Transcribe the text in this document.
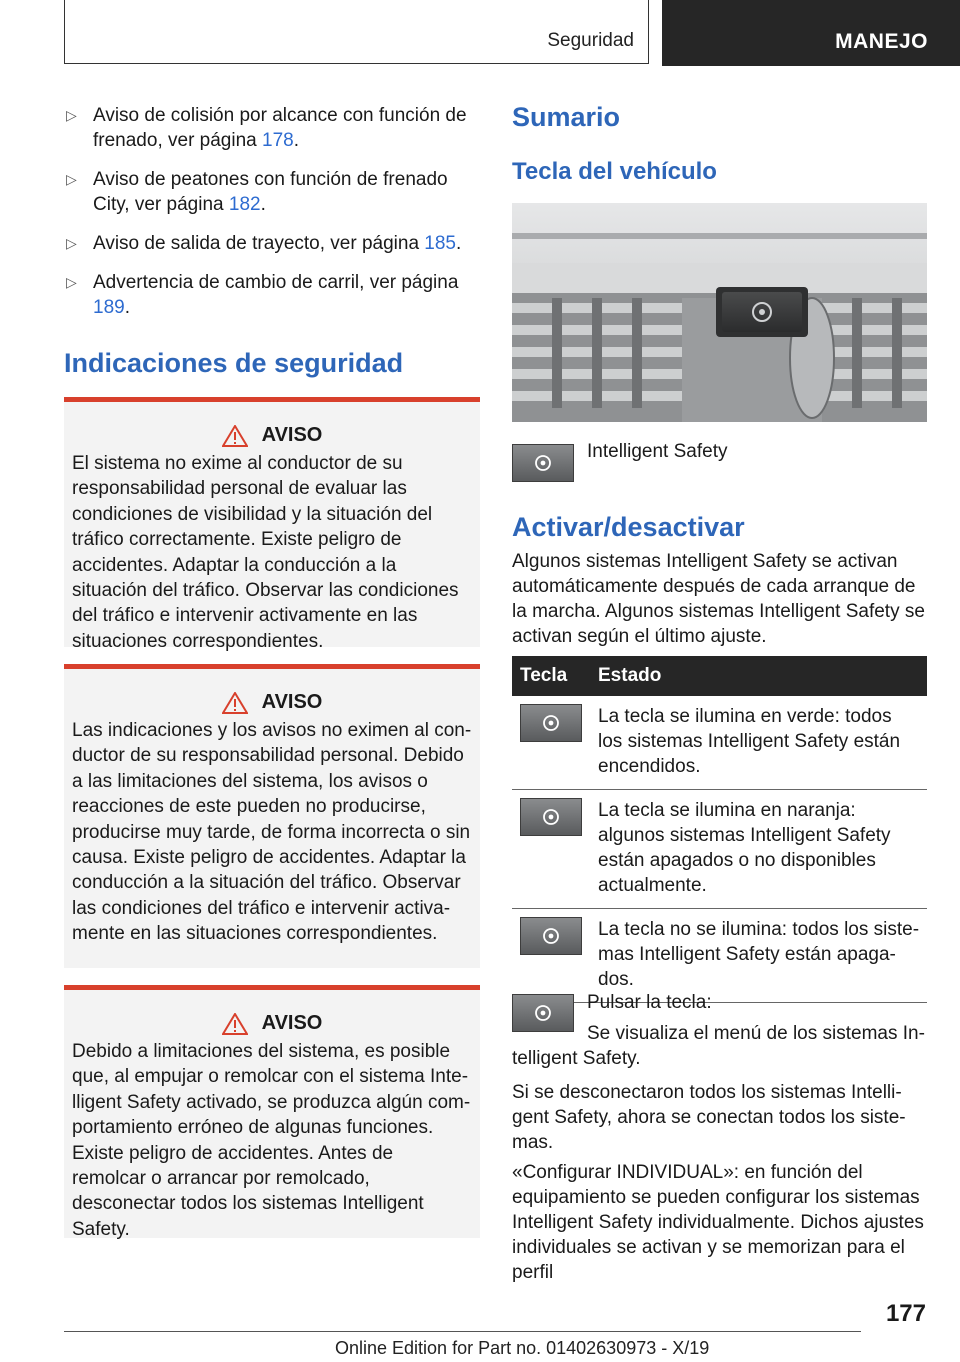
Seguridad	MANEJO
▷ Aviso de colisión por alcance con función de frenado, ver página 178.
▷ Aviso de peatones con función de frenado City, ver página 182.
▷ Aviso de salida de trayecto, ver página 185.
▷ Advertencia de cambio de carril, ver página 189.
Indicaciones de seguridad
AVISO
El sistema no exime al conductor de su responsabilidad personal de evaluar las condiciones de visibilidad y la situación del tráfico correctamente. Existe peligro de accidentes. Adaptar la conducción a la situación del tráfico. Observar las condiciones del tráfico e intervenir activamente en las situaciones correspondientes.
AVISO
Las indicaciones y los avisos no eximen al conductor de su responsabilidad personal. Debido a las limitaciones del sistema, los avisos o reacciones de este pueden no producirse, producirse muy tarde, de forma incorrecta o sin causa. Existe peligro de accidentes. Adaptar la conducción a la situación del tráfico. Observar las condiciones del tráfico e intervenir activamente en las situaciones correspondientes.
AVISO
Debido a limitaciones del sistema, es posible que, al empujar o remolcar con el sistema Intelligent Safety activado, se produzca algún comportamiento erróneo de algunas funciones. Existe peligro de accidentes. Antes de remolcar o arrancar por remolcado, desconectar todos los sistemas Intelligent Safety.
Sumario
Tecla del vehículo
Intelligent Safety
Activar/desactivar
Algunos sistemas Intelligent Safety se activan automáticamente después de cada arranque de la marcha. Algunos sistemas Intelligent Safety se activan según el último ajuste.
Tecla	Estado

	La tecla se ilumina en verde: todos los sistemas Intelligent Safety están encendidos.

	La tecla se ilumina en naranja: algunos sistemas Intelligent Safety están apagados o no disponibles actualmente.

	La tecla no se ilumina: todos los sistemas Intelligent Safety están apagados.
Pulsar la tecla:
Se visualiza el menú de los sistemas Intelligent Safety.
Si se desconectaron todos los sistemas Intelligent Safety, ahora se conectan todos los sistemas.
«Configurar INDIVIDUAL»: en función del equipamiento se pueden configurar los sistemas Intelligent Safety individualmente. Dichos ajustes individuales se activan y se memorizan para el perfil
177
Online Edition for Part no. 01402630973 - X/19
